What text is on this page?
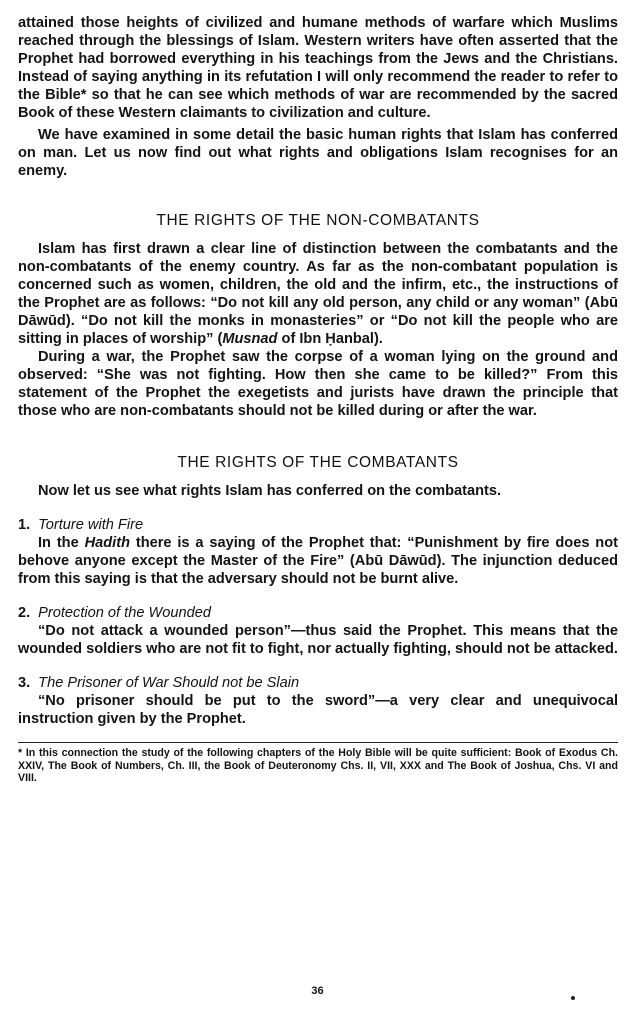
attained those heights of civilized and humane methods of warfare which Muslims reached through the blessings of Islam. Western writers have often asserted that the Prophet had borrowed everything in his teachings from the Jews and the Christians. Instead of saying anything in its refutation I will only recommend the reader to refer to the Bible* so that he can see which methods of war are recommended by the sacred Book of these Western claimants to civilization and culture.

We have examined in some detail the basic human rights that Islam has conferred on man. Let us now find out what rights and obligations Islam recognises for an enemy.

THE RIGHTS OF THE NON-COMBATANTS

Islam has first drawn a clear line of distinction between the combatants and the non-combatants of the enemy country. As far as the non-combatant population is concerned such as women, children, the old and the infirm, etc., the instructions of the Prophet are as follows: “Do not kill any old person, any child or any woman” (Abū Dāwūd). “Do not kill the monks in monasteries” or “Do not kill the people who are sitting in places of worship” (Musnad of Ibn Ḥanbal).

During a war, the Prophet saw the corpse of a woman lying on the ground and observed: “She was not fighting. How then she came to be killed?” From this statement of the Prophet the exegetists and jurists have drawn the principle that those who are non-combatants should not be killed during or after the war.

THE RIGHTS OF THE COMBATANTS

Now let us see what rights Islam has conferred on the combatants.

1. Torture with Fire

In the Hadith there is a saying of the Prophet that: “Punishment by fire does not behove anyone except the Master of the Fire” (Abū Dāwūd). The injunction deduced from this saying is that the adversary should not be burnt alive.

2. Protection of the Wounded

“Do not attack a wounded person”—thus said the Prophet. This means that the wounded soldiers who are not fit to fight, nor actually fighting, should not be attacked.

3. The Prisoner of War Should not be Slain

“No prisoner should be put to the sword”—a very clear and unequivocal instruction given by the Prophet.

* In this connection the study of the following chapters of the Holy Bible will be quite sufficient: Book of Exodus Ch. XXIV, The Book of Numbers, Ch. III, the Book of Deuteronomy Chs. II, VII, XXX and The Book of Joshua, Chs. VI and VIII.

36
